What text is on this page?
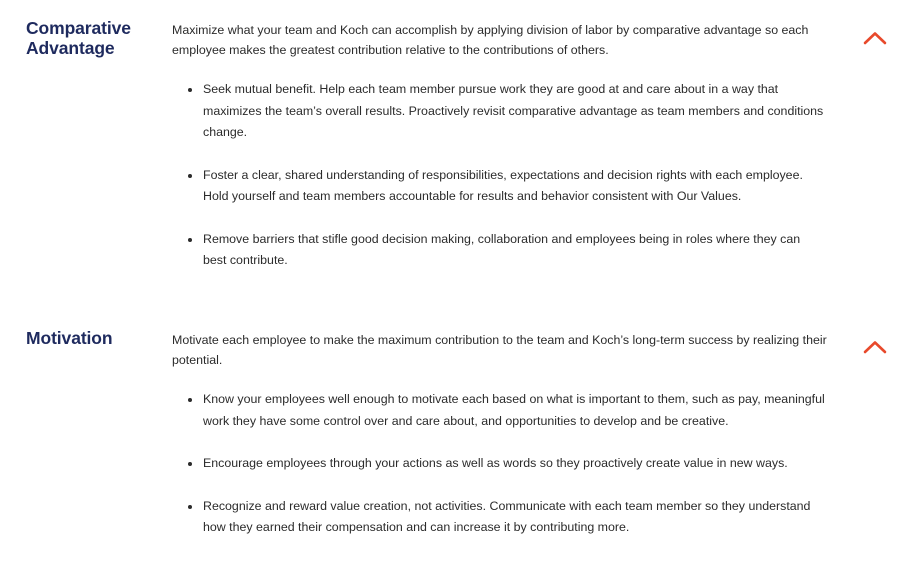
Comparative Advantage
Maximize what your team and Koch can accomplish by applying division of labor by comparative advantage so each employee makes the greatest contribution relative to the contributions of others.
Seek mutual benefit. Help each team member pursue work they are good at and care about in a way that maximizes the team’s overall results. Proactively revisit comparative advantage as team members and conditions change.
Foster a clear, shared understanding of responsibilities, expectations and decision rights with each employee. Hold yourself and team members accountable for results and behavior consistent with Our Values.
Remove barriers that stifle good decision making, collaboration and employees being in roles where they can best contribute.
Motivation	Motivate each employee to make the maximum contribution to the team and Koch’s long-term success by realizing their potential.
Know your employees well enough to motivate each based on what is important to them, such as pay, meaningful work they have some control over and care about, and opportunities to develop and be creative.
Encourage employees through your actions as well as words so they proactively create value in new ways.
Recognize and reward value creation, not activities. Communicate with each team member so they understand how they earned their compensation and can increase it by contributing more.
